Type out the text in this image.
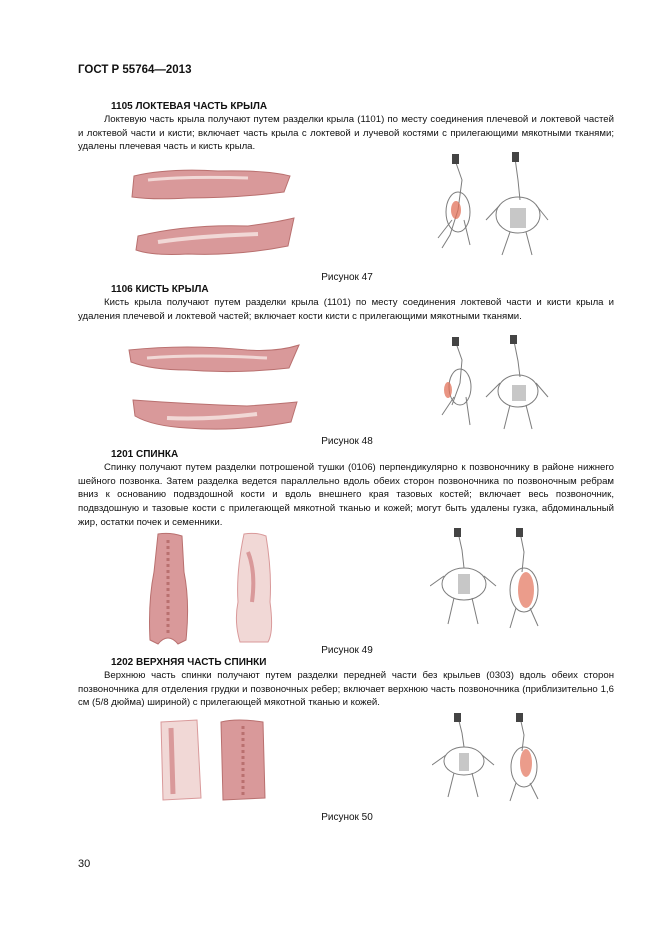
ГОСТ Р 55764—2013

1105 ЛОКТЕВАЯ ЧАСТЬ КРЫЛА

Локтевую часть крыла получают путем разделки крыла (1101) по месту соединения плечевой и локтевой частей и локтевой части и кисти; включает часть крыла с локтевой и лучевой костями с прилегающими мякотными тканями; удалены плечевая часть и кисть крыла.

Рисунок 47

1106 КИСТЬ КРЫЛА

Кисть крыла получают путем разделки крыла (1101) по месту соединения локтевой части и кисти крыла и удаления плечевой и локтевой частей; включает кости кисти с прилегающими мякотными тканями.

Рисунок 48

1201 СПИНКА

Спинку получают путем разделки потрошеной тушки (0106) перпендикулярно к позвоночнику в районе нижнего шейного позвонка. Затем разделка ведется параллельно вдоль обеих сторон позвоночника по позвоночным ребрам вниз к основанию подвздошной кости и вдоль внешнего края тазовых костей; включает весь позвоночник, подвздошную и тазовые кости с прилегающей мякотной тканью и кожей; могут быть удалены гузка, абдоминальный жир, остатки почек и семенники.

Рисунок 49

1202 ВЕРХНЯЯ ЧАСТЬ СПИНКИ

Верхнюю часть спинки получают путем разделки передней части без крыльев (0303) вдоль обеих сторон позвоночника для отделения грудки и позвоночных ребер; включает верхнюю часть позвоночника (приблизительно 1,6 см (5/8 дюйма) шириной) с прилегающей мякотной тканью и кожей.

Рисунок 50
30
